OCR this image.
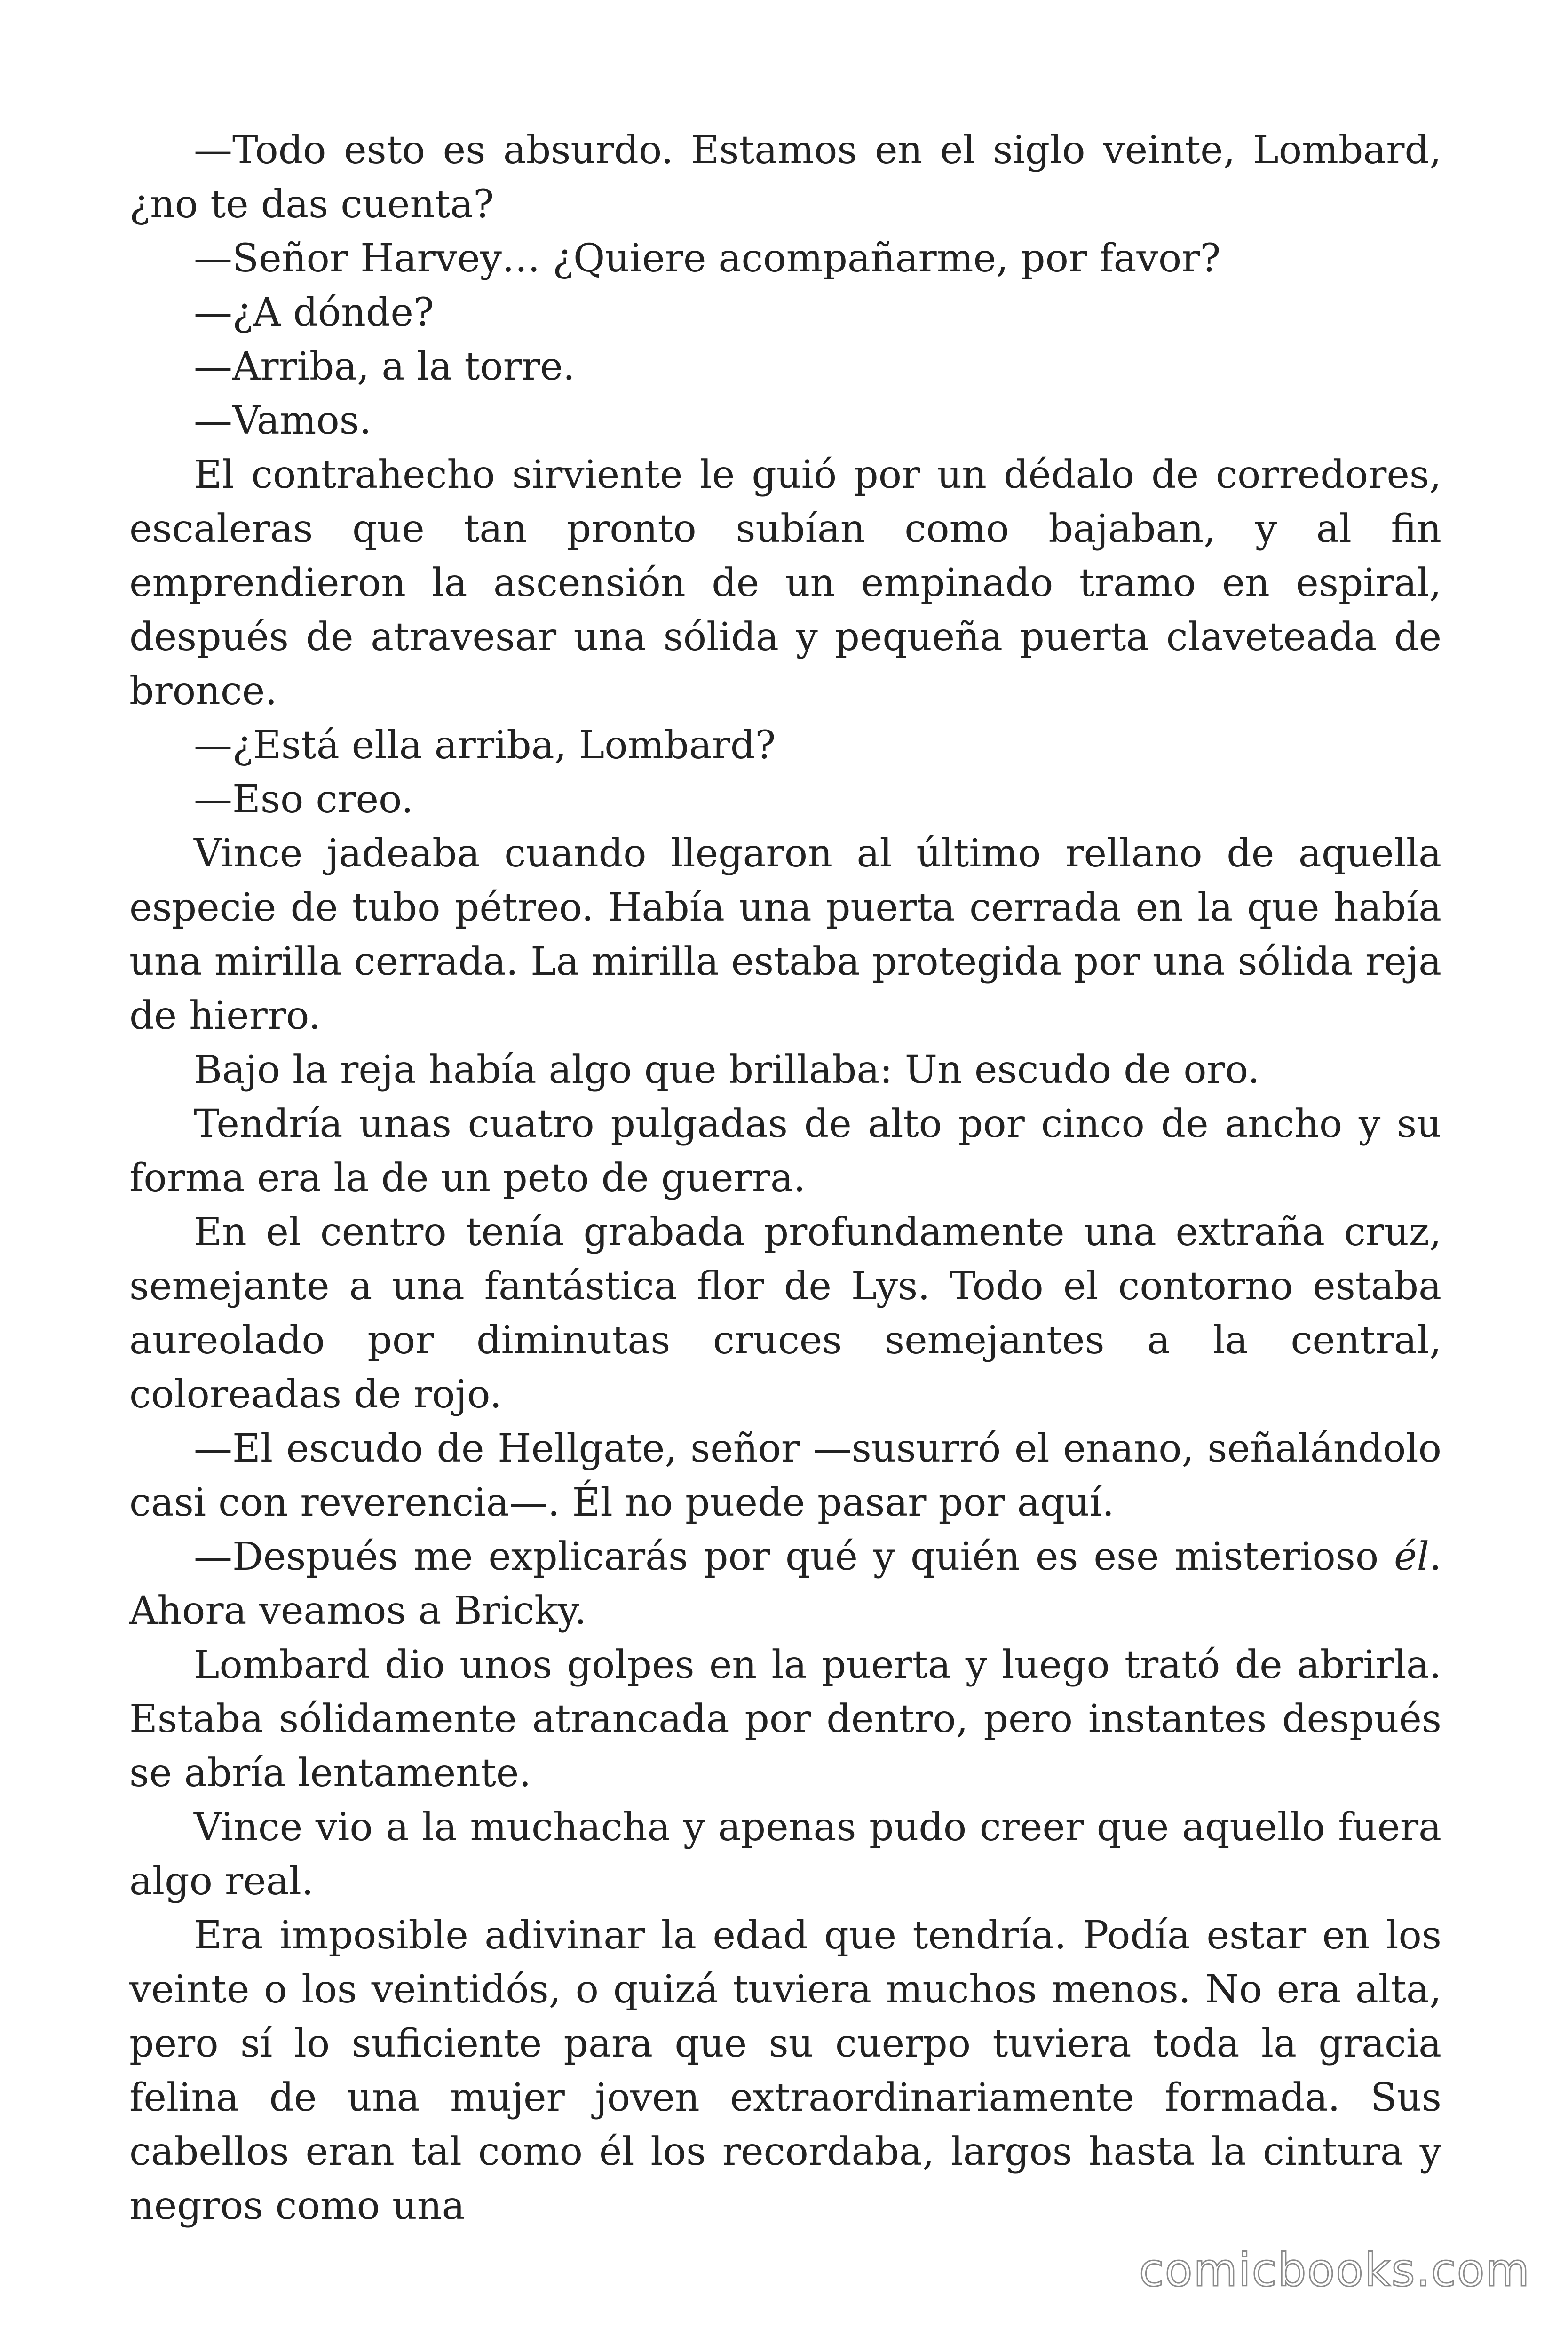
—Todo esto es absurdo. Estamos en el siglo veinte, Lombard, ¿no te das cuenta?

—Señor Harvey… ¿Quiere acompañarme, por favor?

—¿A dónde?

—Arriba, a la torre.

—Vamos.

El contrahecho sirviente le guió por un dédalo de corredores, escaleras que tan pronto subían como bajaban, y al fin emprendieron la ascensión de un empinado tramo en espiral, después de atravesar una sólida y pequeña puerta claveteada de bronce.

—¿Está ella arriba, Lombard?

—Eso creo.

Vince jadeaba cuando llegaron al último rellano de aquella especie de tubo pétreo. Había una puerta cerrada en la que había una mirilla cerrada. La mirilla estaba protegida por una sólida reja de hierro.

Bajo la reja había algo que brillaba: Un escudo de oro.

Tendría unas cuatro pulgadas de alto por cinco de ancho y su forma era la de un peto de guerra.

En el centro tenía grabada profundamente una extraña cruz, semejante a una fantástica flor de Lys. Todo el contorno estaba aureolado por diminutas cruces semejantes a la central, coloreadas de rojo.

—El escudo de Hellgate, señor —susurró el enano, señalándolo casi con reverencia—. Él no puede pasar por aquí.

—Después me explicarás por qué y quién es ese misterioso él. Ahora veamos a Bricky.

Lombard dio unos golpes en la puerta y luego trató de abrirla. Estaba sólidamente atrancada por dentro, pero instantes después se abría lentamente.

Vince vio a la muchacha y apenas pudo creer que aquello fuera algo real.

Era imposible adivinar la edad que tendría. Podía estar en los veinte o los veintidós, o quizá tuviera muchos menos. No era alta, pero sí lo suficiente para que su cuerpo tuviera toda la gracia felina de una mujer joven extraordinariamente formada. Sus cabellos eran tal como él los recordaba, largos hasta la cintura y negros como una

comicbooks.com
